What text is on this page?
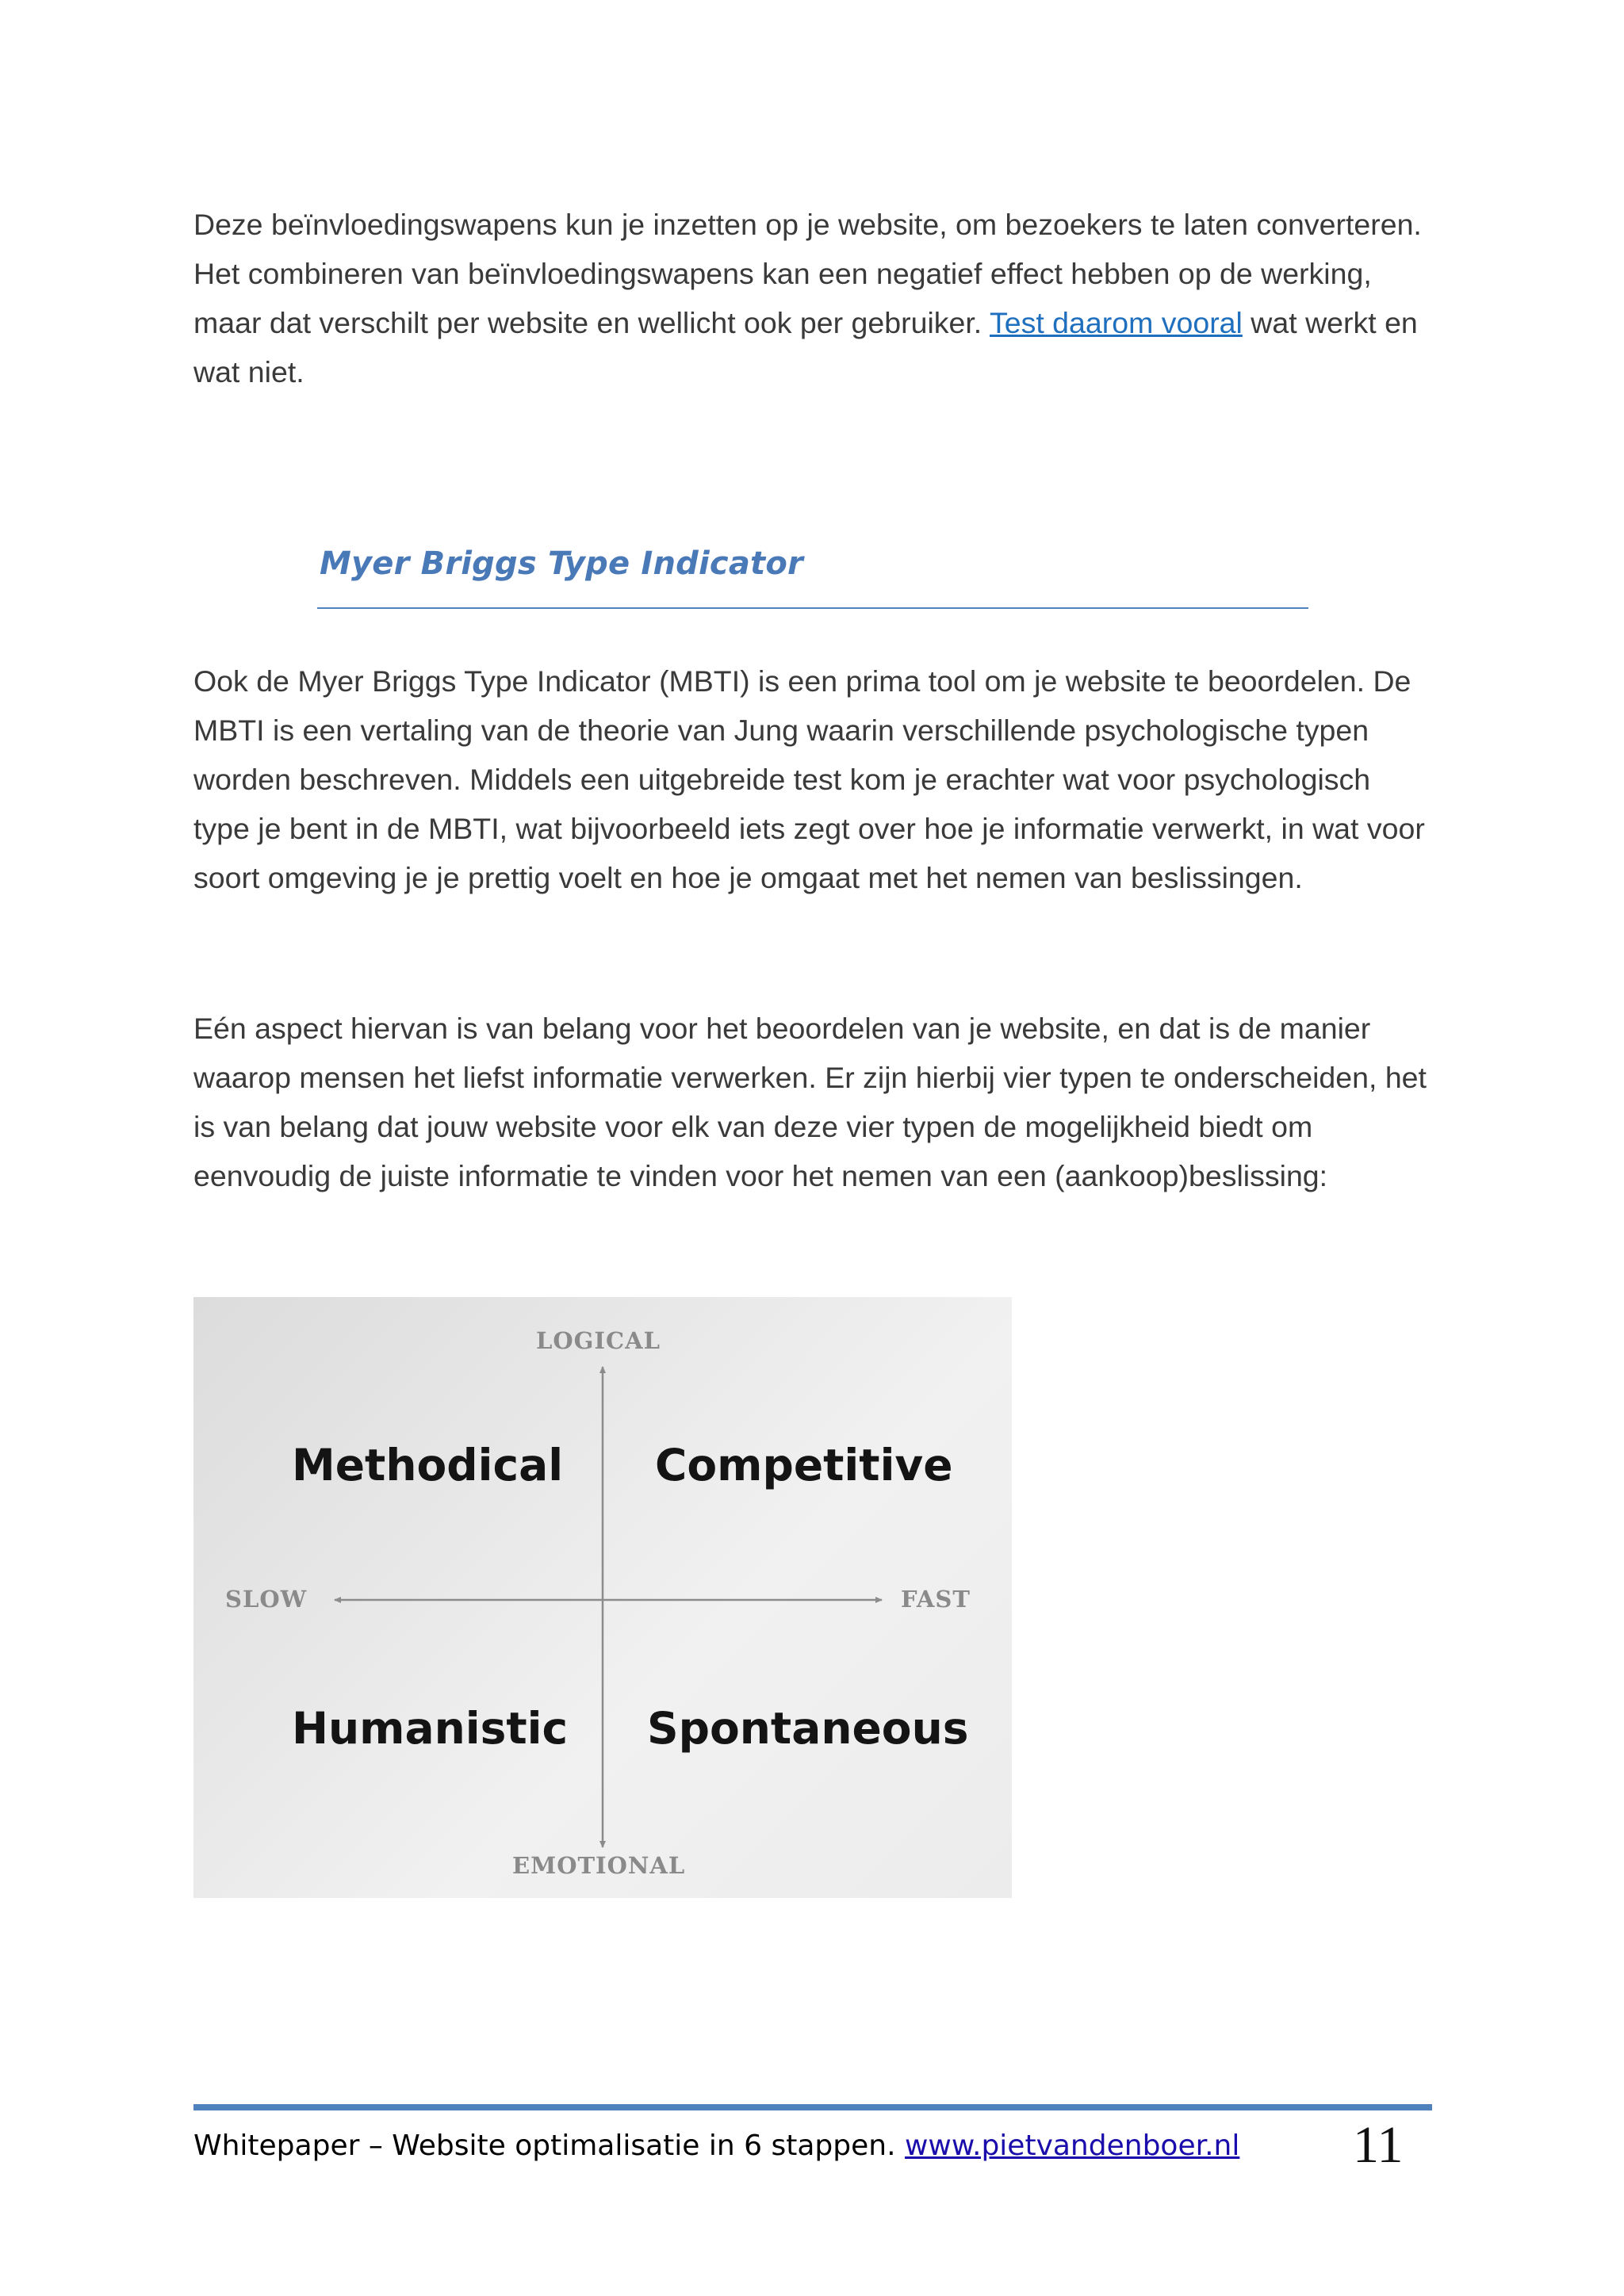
Deze beïnvloedingswapens kun je inzetten op je website, om bezoekers te laten converteren. Het combineren van beïnvloedingswapens kan een negatief effect hebben op de werking, maar dat verschilt per website en wellicht ook per gebruiker. Test daarom vooral wat werkt en wat niet.

Myer Briggs Type Indicator

Ook de Myer Briggs Type Indicator (MBTI) is een prima tool om je website te beoordelen. De MBTI is een vertaling van de theorie van Jung waarin verschillende psychologische typen worden beschreven. Middels een uitgebreide test kom je erachter wat voor psychologisch type je bent in de MBTI, wat bijvoorbeeld iets zegt over hoe je informatie verwerkt, in wat voor soort omgeving je je prettig voelt en hoe je omgaat met het nemen van beslissingen.

Eén aspect hiervan is van belang voor het beoordelen van je website, en dat is de manier waarop mensen het liefst informatie verwerken. Er zijn hierbij vier typen te onderscheiden, het is van belang dat jouw website voor elk van deze vier typen de mogelijkheid biedt om eenvoudig de juiste informatie te vinden voor het nemen van een (aankoop)beslissing:

LOGICAL
EMOTIONAL
SLOW	FAST
Methodical Competitive
Humanistic Spontaneous
Whitepaper – Website optimalisatie in 6 stappen. www.pietvandenboer.nl 11
